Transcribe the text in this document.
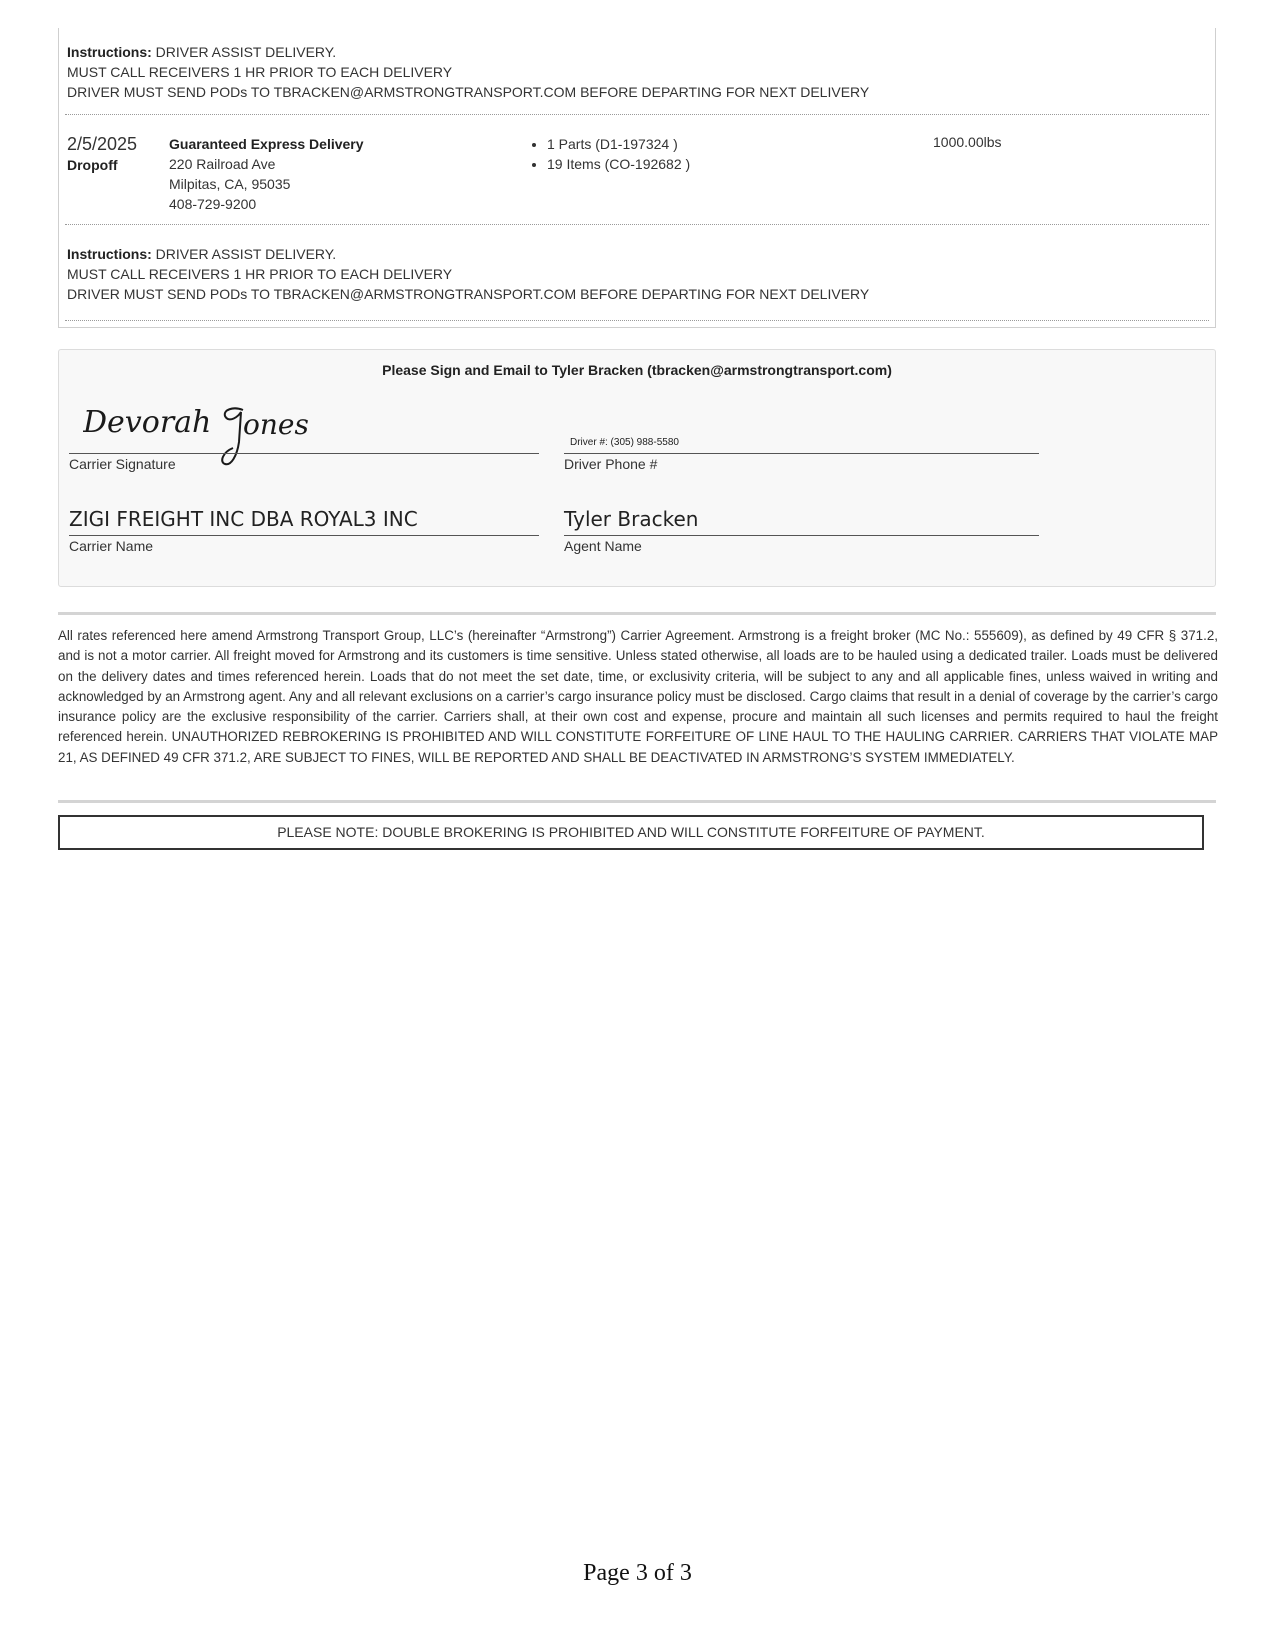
Instructions: DRIVER ASSIST DELIVERY.
MUST CALL RECEIVERS 1 HR PRIOR TO EACH DELIVERY
DRIVER MUST SEND PODs TO TBRACKEN@ARMSTRONGTRANSPORT.COM BEFORE DEPARTING FOR NEXT DELIVERY
2/5/2025
Dropoff
Guaranteed Express Delivery
220 Railroad Ave
Milpitas, CA, 95035
408-729-9200
• 1 Parts (D1-197324 )
• 19 Items (CO-192682 )
1000.00lbs
Instructions: DRIVER ASSIST DELIVERY.
MUST CALL RECEIVERS 1 HR PRIOR TO EACH DELIVERY
DRIVER MUST SEND PODs TO TBRACKEN@ARMSTRONGTRANSPORT.COM BEFORE DEPARTING FOR NEXT DELIVERY
Please Sign and Email to Tyler Bracken (tbracken@armstrongtransport.com)
Devorah ones
Carrier Signature
Driver #: (305) 988-5580
Driver Phone #
ZIGI FREIGHT INC DBA ROYAL3 INC
Carrier Name
Tyler Bracken
Agent Name
All rates referenced here amend Armstrong Transport Group, LLC’s (hereinafter “Armstrong”) Carrier Agreement. Armstrong is a freight broker (MC No.: 555609), as defined by 49 CFR § 371.2, and is not a motor carrier. All freight moved for Armstrong and its customers is time sensitive. Unless stated otherwise, all loads are to be hauled using a dedicated trailer. Loads must be delivered on the delivery dates and times referenced herein. Loads that do not meet the set date, time, or exclusivity criteria, will be subject to any and all applicable fines, unless waived in writing and acknowledged by an Armstrong agent. Any and all relevant exclusions on a carrier’s cargo insurance policy must be disclosed. Cargo claims that result in a denial of coverage by the carrier’s cargo insurance policy are the exclusive responsibility of the carrier. Carriers shall, at their own cost and expense, procure and maintain all such licenses and permits required to haul the freight referenced herein. UNAUTHORIZED REBROKERING IS PROHIBITED AND WILL CONSTITUTE FORFEITURE OF LINE HAUL TO THE HAULING CARRIER. CARRIERS THAT VIOLATE MAP 21, AS DEFINED 49 CFR 371.2, ARE SUBJECT TO FINES, WILL BE REPORTED AND SHALL BE DEACTIVATED IN ARMSTRONG’S SYSTEM IMMEDIATELY.
PLEASE NOTE: DOUBLE BROKERING IS PROHIBITED AND WILL CONSTITUTE FORFEITURE OF PAYMENT.
Page 3 of 3
